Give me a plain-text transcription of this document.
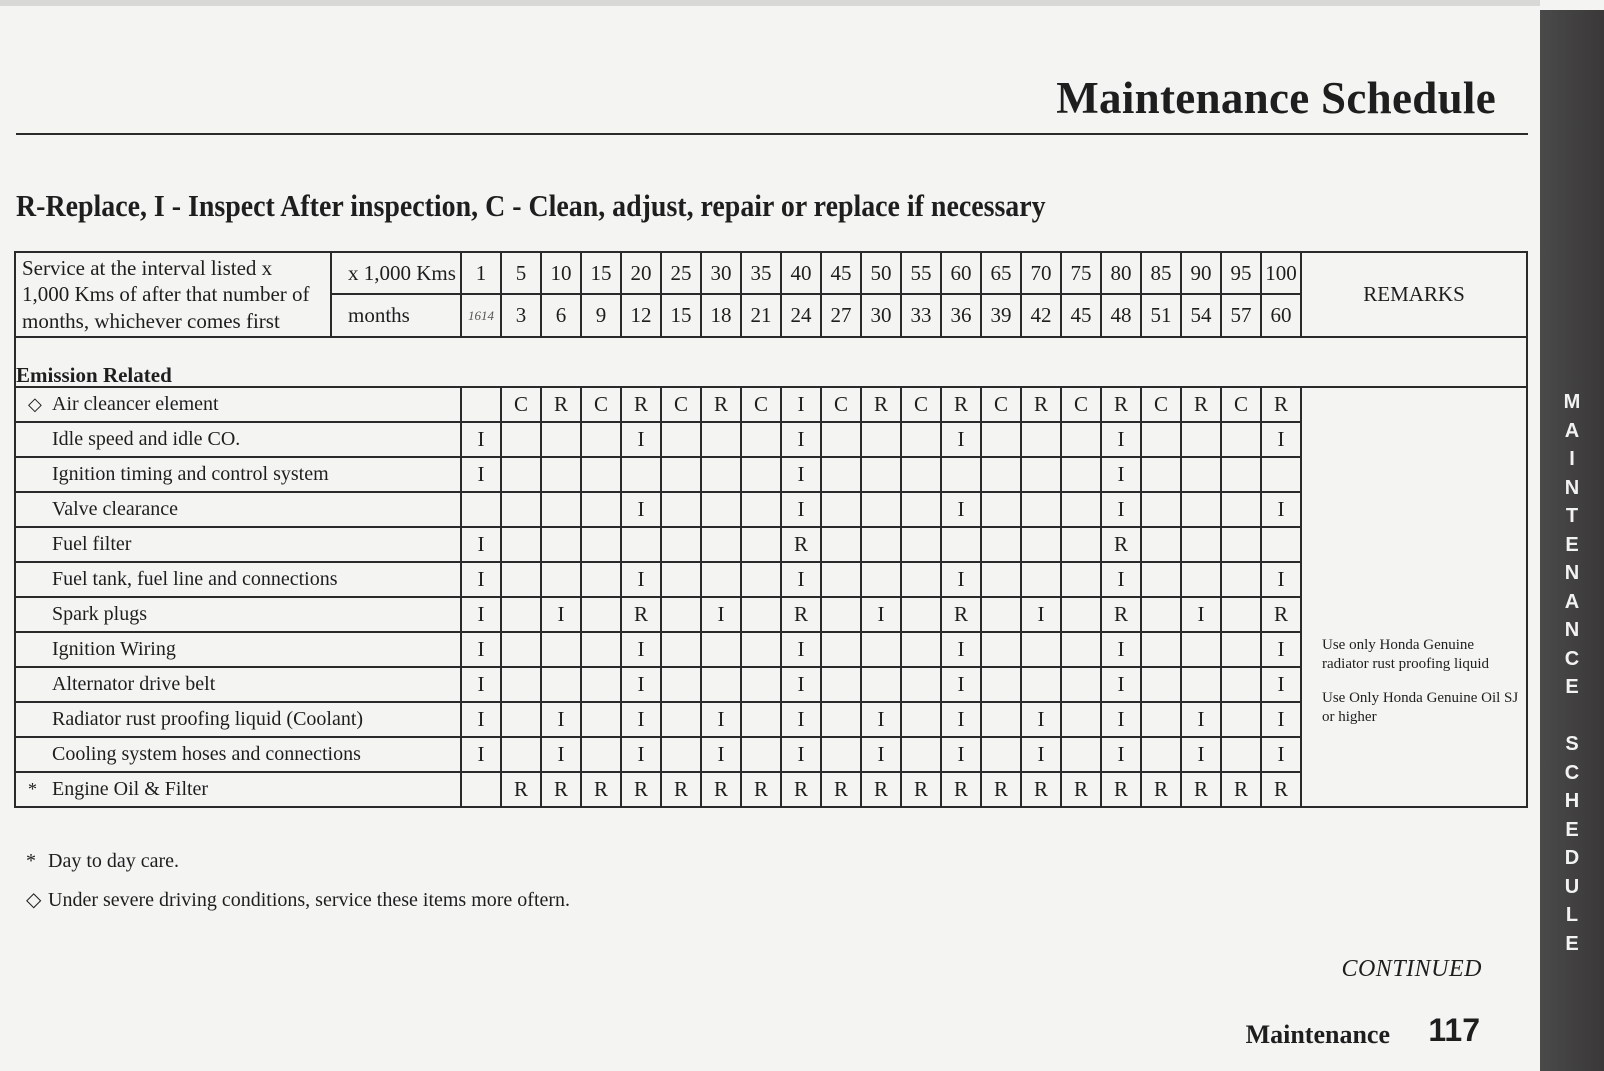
Maintenance Schedule

R-Replace, I - Inspect After inspection, C - Clean, adjust, repair or replace if necessary

Service at the interval listed x 1,000 Kms of after that number of months, whichever comes first	x 1,000 Kms	1	5	10	15	20	25	30	35	40	45	50	55	60	65	70	75	80	85	90	95	100	REMARKS
	months	1614	3	6	9	12	15	18	21	24	27	30	33	36	39	42	45	48	51	54	57	60	
Emission Related																							
◇ Air cleancer element			C	R	C	R	C	R	C	I	C	R	C	R	C	R	C	R	C	R	C	R	Use only Honda Genuine radiator rust proofing liquid
Use Only Honda Genuine Oil SJ or higher

Idle speed and idle CO.		I				I				I				I				I				I	
Ignition timing and control system		I								I								I					
Valve clearance						I				I				I				I				I	
Fuel filter		I								R								R					
Fuel tank, fuel line and connections		I				I				I				I				I				I	
Spark plugs		I		I		R		I		R		I		R		I		R		I		R	
Ignition Wiring		I				I				I				I				I				I	
Alternator drive belt		I				I				I				I				I				I	
Radiator rust proofing liquid (Coolant)		I		I		I		I		I		I		I		I		I		I		I	
Cooling system hoses and connections		I		I		I		I		I		I		I		I		I		I		I	
* Engine Oil & Filter			R	R	R	R	R	R	R	R	R	R	R	R	R	R	R	R	R	R	R	R	
* Day to day care.
◇ Under severe driving conditions, service these items more oftern.
CONTINUED
Maintenance 117
M
A
I
N
T
E
N
A
N
C
E

S
C
H
E
D
U
L
E
